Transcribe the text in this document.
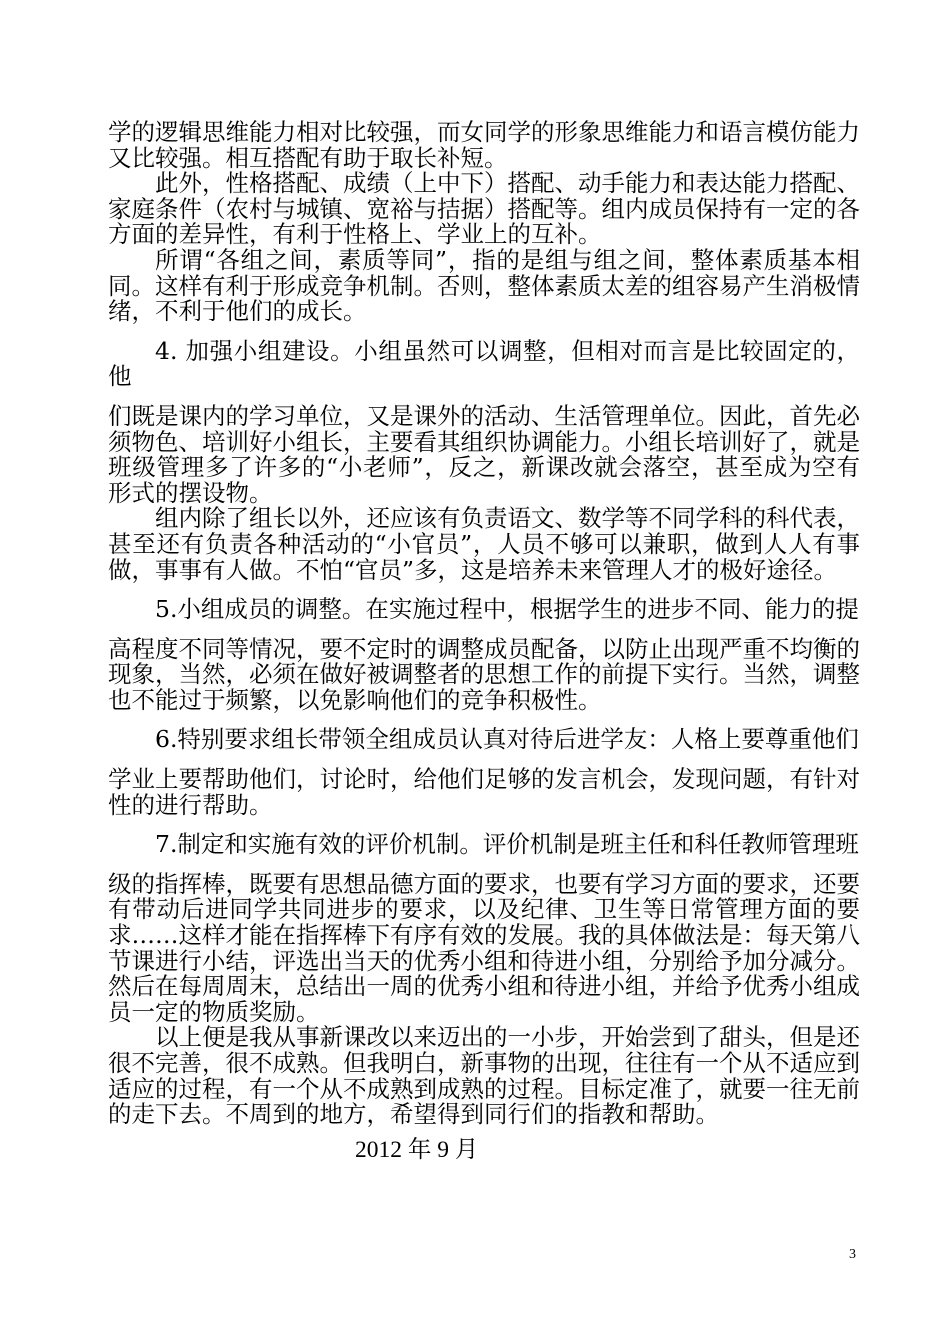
学的逻辑思维能力相对比较强，而女同学的形象思维能力和语言模仿能力又比较强。相互搭配有助于取长补短。

此外，性格搭配、成绩（上中下）搭配、动手能力和表达能力搭配、家庭条件（农村与城镇、宽裕与拮据）搭配等。组内成员保持有一定的各方面的差异性，有利于性格上、学业上的互补。

所谓“各组之间，素质等同”，指的是组与组之间，整体素质基本相同。这样有利于形成竞争机制。否则，整体素质太差的组容易产生消极情绪，不利于他们的成长。

4. 加强小组建设。小组虽然可以调整，但相对而言是比较固定的，他

们既是课内的学习单位，又是课外的活动、生活管理单位。因此，首先必须物色、培训好小组长，主要看其组织协调能力。小组长培训好了，就是班级管理多了许多的“小老师”，反之，新课改就会落空，甚至成为空有形式的摆设物。

组内除了组长以外，还应该有负责语文、数学等不同学科的科代表，甚至还有负责各种活动的“小官员”，人员不够可以兼职，做到人人有事做，事事有人做。不怕“官员”多，这是培养未来管理人才的极好途径。

5.小组成员的调整。在实施过程中，根据学生的进步不同、能力的提

高程度不同等情况，要不定时的调整成员配备，以防止出现严重不均衡的现象，当然，必须在做好被调整者的思想工作的前提下实行。当然，调整也不能过于频繁，以免影响他们的竞争积极性。

6.特别要求组长带领全组成员认真对待后进学友：人格上要尊重他们

学业上要帮助他们，讨论时，给他们足够的发言机会，发现问题，有针对性的进行帮助。

7.制定和实施有效的评价机制。评价机制是班主任和科任教师管理班

级的指挥棒，既要有思想品德方面的要求，也要有学习方面的要求，还要有带动后进同学共同进步的要求，以及纪律、卫生等日常管理方面的要求……这样才能在指挥棒下有序有效的发展。我的具体做法是：每天第八节课进行小结，评选出当天的优秀小组和待进小组，分别给予加分减分。然后在每周周末，总结出一周的优秀小组和待进小组，并给予优秀小组成员一定的物质奖励。

以上便是我从事新课改以来迈出的一小步，开始尝到了甜头，但是还很不完善，很不成熟。但我明白，新事物的出现，往往有一个从不适应到适应的过程，有一个从不成熟到成熟的过程。目标定准了，就要一往无前的走下去。不周到的地方，希望得到同行们的指教和帮助。

2012 年 9 月
3
